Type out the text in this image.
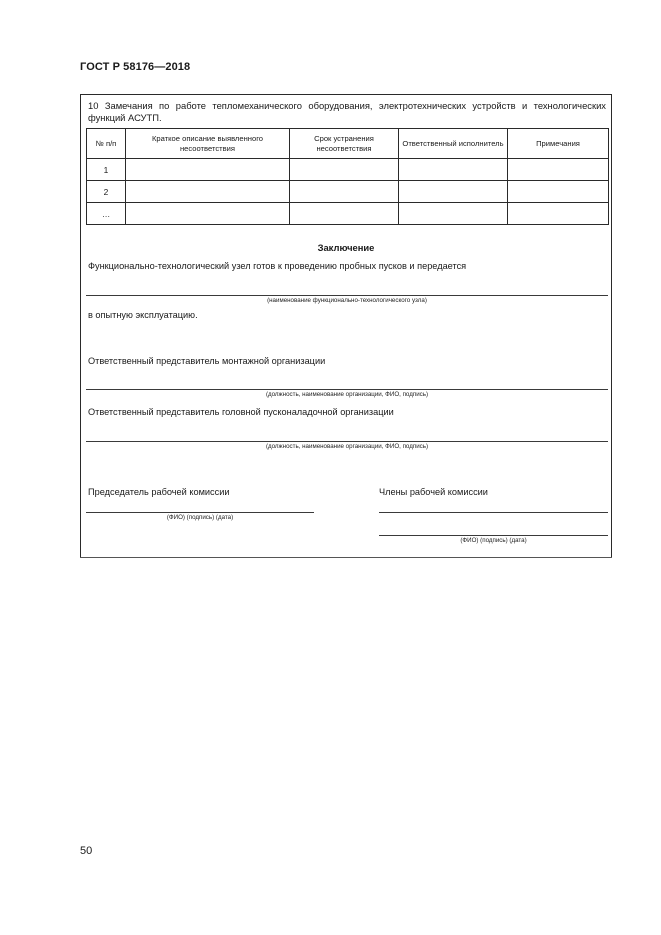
ГОСТ Р 58176—2018
10 Замечания по работе тепломеханического оборудования, электротехнических устройств и технологических функций АСУТП.
№ п/п	Краткое описание выявленного несоответствия	Срок устранения несоответствия	Ответственный исполнитель	Примечания
1				
2				
…				
Заключение
Функционально-технологический узел готов к проведению пробных пусков и передается
(наименование функционально-технологического узла)
в опытную эксплуатацию.
Ответственный представитель монтажной организации
(должность, наименование организации, ФИО, подпись)
Ответственный представитель головной пусконаладочной организации
(должность, наименование организации, ФИО, подпись)
Председатель рабочей комиссии
(ФИО) (подпись) (дата)
Члены рабочей комиссии
(ФИО) (подпись) (дата)
50
